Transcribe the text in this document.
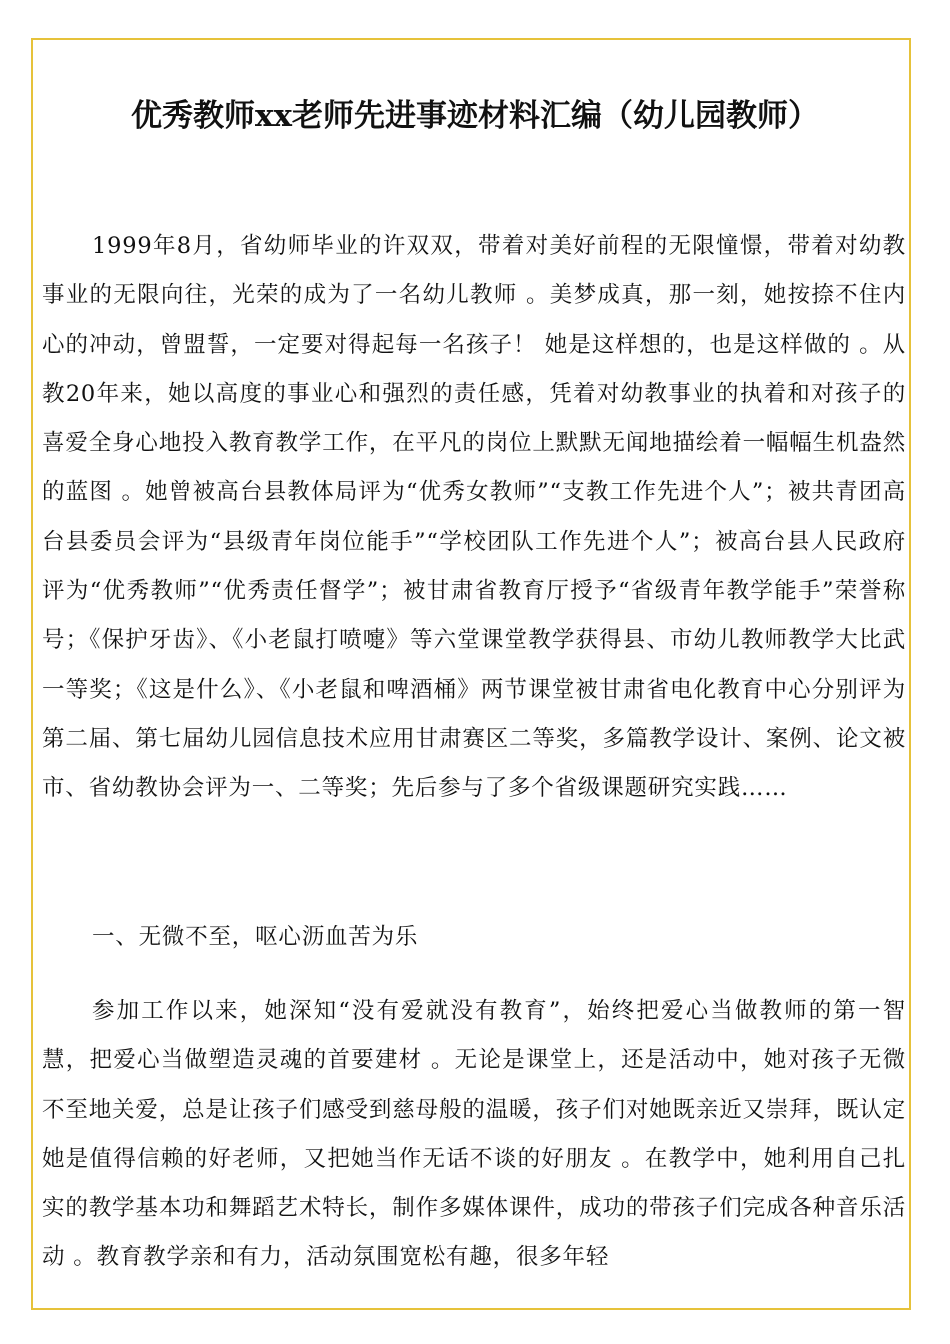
优秀教师xx老师先进事迹材料汇编（幼儿园教师）

1999年8月，省幼师毕业的许双双，带着对美好前程的无限憧憬，带着对幼教事业的无限向往，光荣的成为了一名幼儿教师 。美梦成真，那一刻，她按捺不住内心的冲动，曾盟誓，一定要对得起每一名孩子！ 她是这样想的，也是这样做的 。从教20年来，她以高度的事业心和强烈的责任感，凭着对幼教事业的执着和对孩子的喜爱全身心地投入教育教学工作，在平凡的岗位上默默无闻地描绘着一幅幅生机盎然的蓝图 。她曾被高台县教体局评为“优秀女教师”“支教工作先进个人”；被共青团高台县委员会评为“县级青年岗位能手”“学校团队工作先进个人”；被高台县人民政府评为“优秀教师”“优秀责任督学”；被甘肃省教育厅授予“省级青年教学能手”荣誉称号；《保护牙齿》、《小老鼠打喷嚏》等六堂课堂教学获得县、市幼儿教师教学大比武一等奖；《这是什么》、《小老鼠和啤酒桶》两节课堂被甘肃省电化教育中心分别评为第二届、第七届幼儿园信息技术应用甘肃赛区二等奖，多篇教学设计、案例、论文被市、省幼教协会评为一、二等奖；先后参与了多个省级课题研究实践……

一、无微不至，呕心沥血苦为乐

参加工作以来，她深知“没有爱就没有教育”，始终把爱心当做教师的第一智慧，把爱心当做塑造灵魂的首要建材 。无论是课堂上，还是活动中，她对孩子无微不至地关爱，总是让孩子们感受到慈母般的温暖，孩子们对她既亲近又崇拜，既认定她是值得信赖的好老师，又把她当作无话不谈的好朋友 。在教学中，她利用自己扎实的教学基本功和舞蹈艺术特长，制作多媒体课件，成功的带孩子们完成各种音乐活动 。教育教学亲和有力，活动氛围宽松有趣，很多年轻
